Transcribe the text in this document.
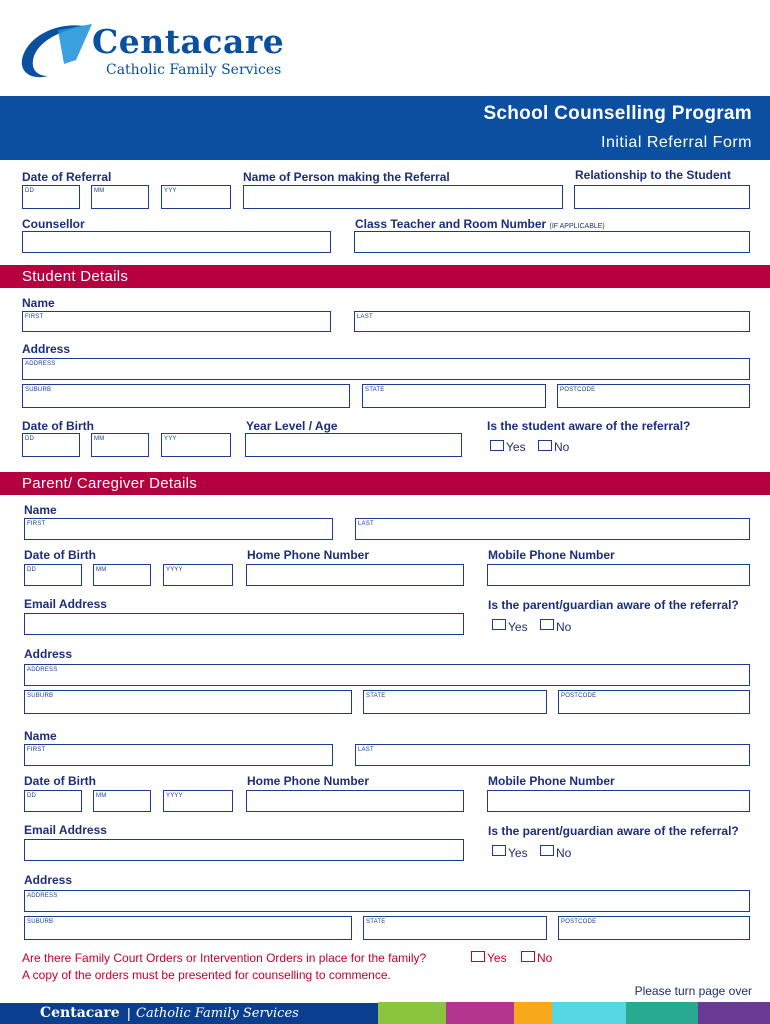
Centacare
Catholic Family Services
School Counselling Program
Initial Referral Form
Date of Referral
DD	MM	YYY
Name of Person making the Referral	Relationship to the Student
Counsellor	Class Teacher and Room Number (IF APPLICABLE)
Student Details
Name
FIRST	LAST
Address
ADDRESS
SUBURB	STATE	POSTCODE
Date of Birth
DD	MM	YYY
Year Level / Age	Is the student aware of the referral?
Yes No
Parent/ Caregiver Details
Name
FIRST	LAST
Date of Birth
DD	MM	YYYY
Home Phone Number	Mobile Phone Number
Email Address	Is the parent/guardian aware of the referral?
Yes No
Address
ADDRESS
SUBURB	STATE	POSTCODE
Name
FIRST	LAST
Date of Birth
DD	MM	YYYY
Home Phone Number	Mobile Phone Number
Email Address	Is the parent/guardian aware of the referral?
Yes No
Address
ADDRESS
SUBURB	STATE	POSTCODE
Are there Family Court Orders or Intervention Orders in place for the family?	Yes	No
A copy of the orders must be presented for counselling to commence.
Please turn page over
Centacare | Catholic Family Services
